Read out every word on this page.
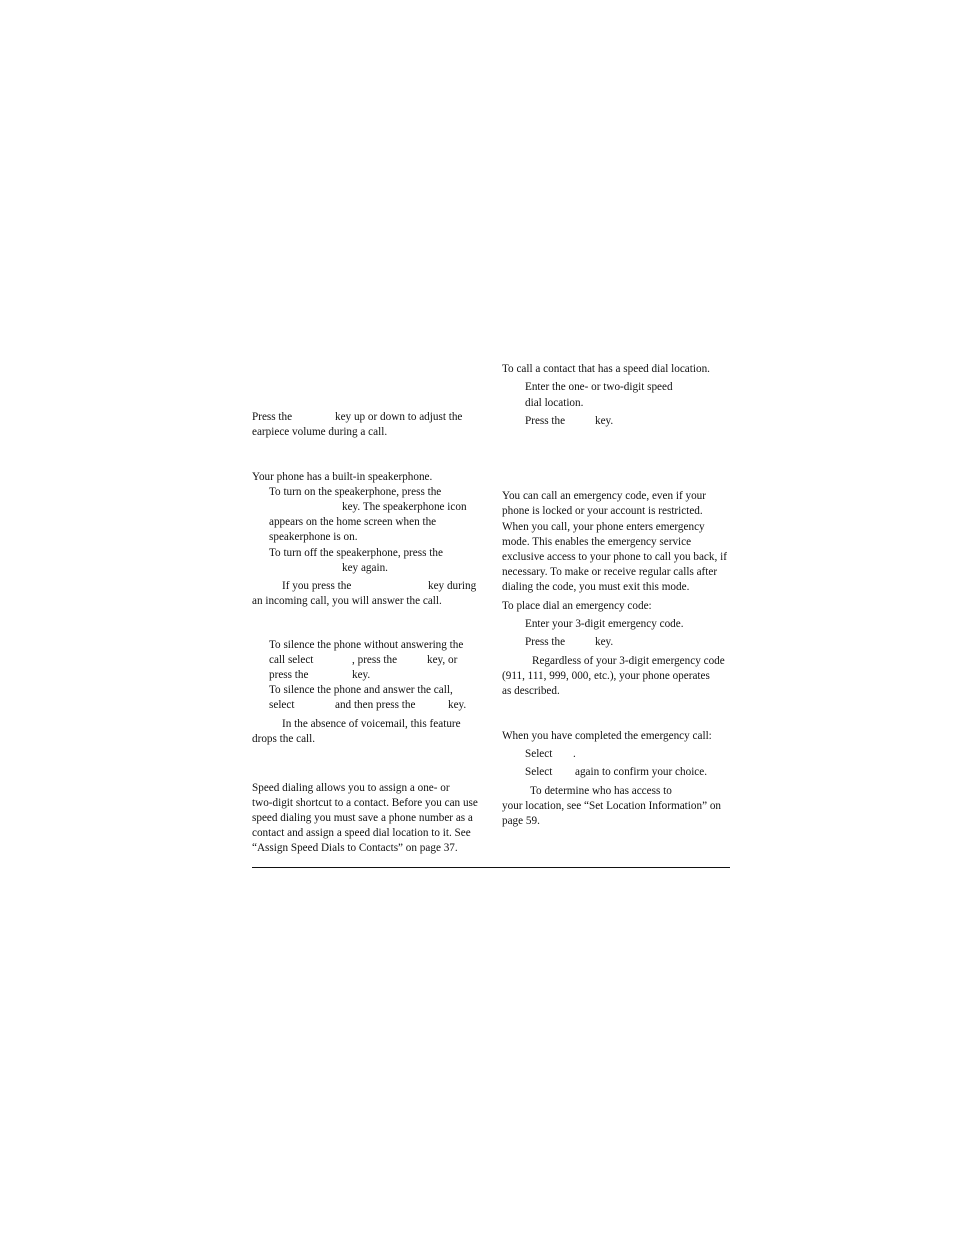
Press the	key up or down to adjust the

earpiece volume during a call.

Your phone has a built-in speakerphone.

To turn on the speakerphone, press the

key. The speakerphone icon

appears on the home screen when the

speakerphone is on.

To turn off the speakerphone, press the

key again.

If you press the	key during

an incoming call, you will answer the call.

To silence the phone without answering the

call select	, press the	key, or

press the	key.

To silence the phone and answer the call,

select	and then press the	key.

In the absence of voicemail, this feature

drops the call.

Speed dialing allows you to assign a one- or

two-digit shortcut to a contact. Before you can use

speed dialing you must save a phone number as a

contact and assign a speed dial location to it. See

“Assign Speed Dials to Contacts” on page 37.

To call a contact that has a speed dial location.

Enter the one- or two-digit speed

dial location.

Press the	key.

You can call an emergency code, even if your

phone is locked or your account is restricted.

When you call, your phone enters emergency

mode. This enables the emergency service

exclusive access to your phone to call you back, if

necessary. To make or receive regular calls after

dialing the code, you must exit this mode.

To place dial an emergency code:

Enter your 3-digit emergency code.

Press the	key.

Regardless of your 3-digit emergency code

(911, 111, 999, 000, etc.), your phone operates

as described.

When you have completed the emergency call:

Select .

Select again to confirm your choice.

To determine who has access to

your location, see “Set Location Information” on

page 59.
